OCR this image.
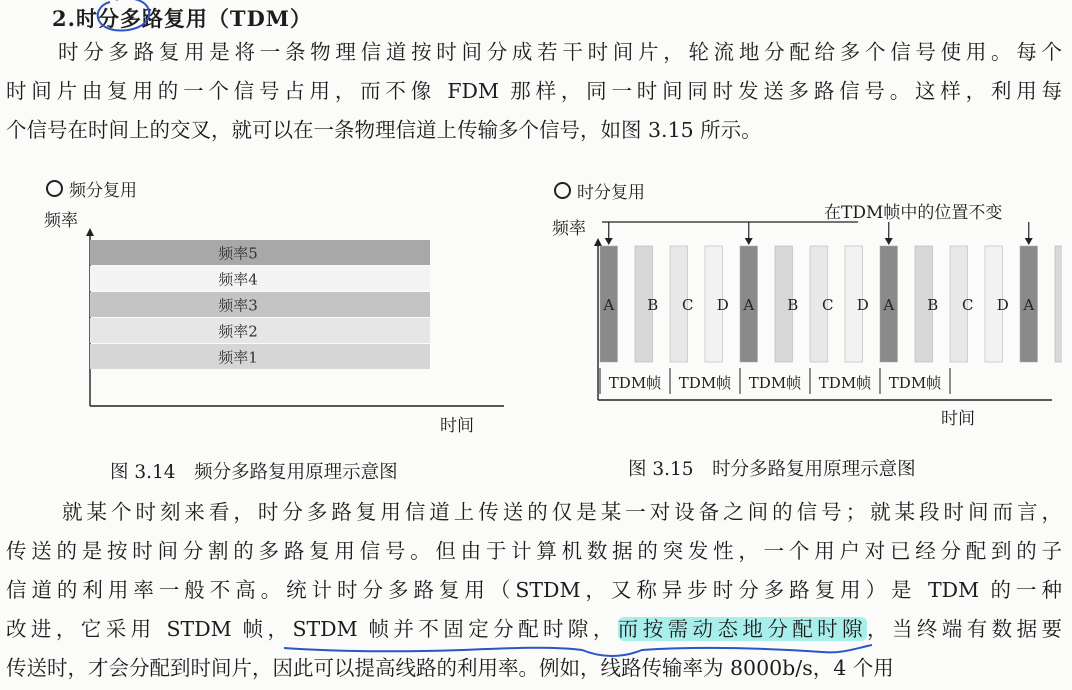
2.时分多路复用（TDM）
时分多路复用是将一条物理信道按时间分成若干时间片，轮流地分配给多个信号使用。每个
时间片由复用的一个信号占用，而不像 FDM 那样，同一时间同时发送多路信号。这样，利用每
个信号在时间上的交叉，就可以在一条物理信道上传输多个信号，如图 3.15 所示。
频分复用
频率
时间
频率5
频率4
频率3
频率2
频率1
时分复用
频率
在TDM帧中的位置不变
时间
A B C D A B C D A B C D A
TDM帧 TDM帧 TDM帧 TDM帧 TDM帧
图 3.14　频分多路复用原理示意图	图 3.15　时分多路复用原理示意图
就某个时刻来看，时分多路复用信道上传送的仅是某一对设备之间的信号；就某段时间而言，
传送的是按时间分割的多路复用信号。但由于计算机数据的突发性，一个用户对已经分配到的子
信道的利用率一般不高。统计时分多路复用（STDM，又称异步时分多路复用）是 TDM 的一种
改进，它采用 STDM 帧，STDM 帧并不固定分配时隙，而按需动态地分配时隙，当终端有数据要
传送时，才会分配到时间片，因此可以提高线路的利用率。例如，线路传输率为 8000b/s，4 个用
